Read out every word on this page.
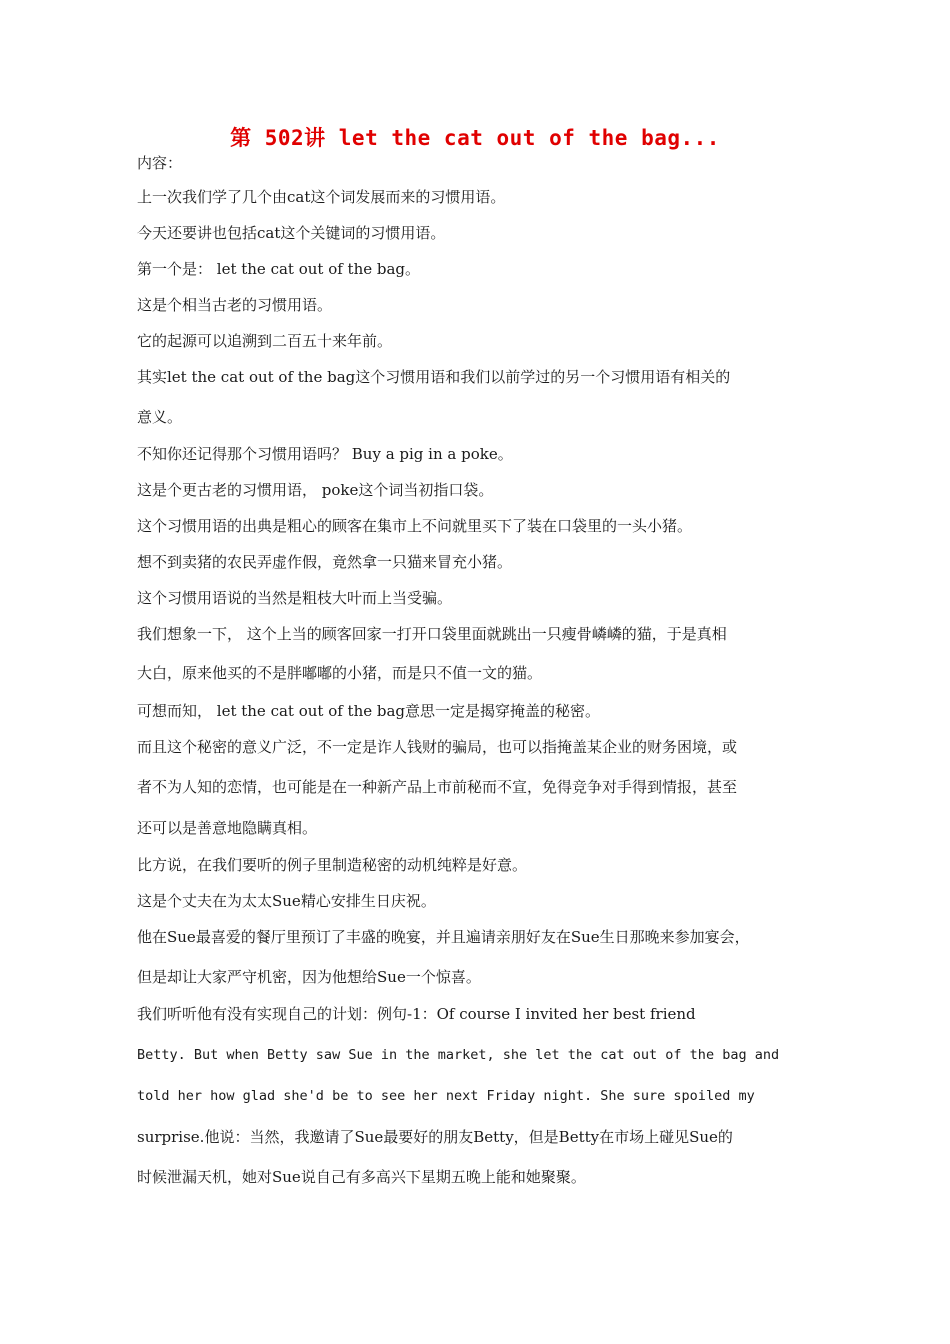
第 502讲 let the cat out of the bag...
内容：
上一次我们学了几个由cat这个词发展而来的习惯用语。
今天还要讲也包括cat这个关键词的习惯用语。
第一个是： let the cat out of the bag。
这是个相当古老的习惯用语。
它的起源可以追溯到二百五十来年前。
其实let the cat out of the bag这个习惯用语和我们以前学过的另一个习惯用语有相关的
意义。
不知你还记得那个习惯用语吗？ Buy a pig in a poke。
这是个更古老的习惯用语， poke这个词当初指口袋。
这个习惯用语的出典是粗心的顾客在集市上不问就里买下了装在口袋里的一头小猪。
想不到卖猪的农民弄虚作假，竟然拿一只猫来冒充小猪。
这个习惯用语说的当然是粗枝大叶而上当受骗。
我们想象一下， 这个上当的顾客回家一打开口袋里面就跳出一只瘦骨嶙嶙的猫，于是真相
大白，原来他买的不是胖嘟嘟的小猪，而是只不值一文的猫。
可想而知， let the cat out of the bag意思一定是揭穿掩盖的秘密。
而且这个秘密的意义广泛，不一定是诈人钱财的骗局，也可以指掩盖某企业的财务困境，或
者不为人知的恋情，也可能是在一种新产品上市前秘而不宣，免得竞争对手得到情报，甚至
还可以是善意地隐瞒真相。
比方说，在我们要听的例子里制造秘密的动机纯粹是好意。
这是个丈夫在为太太Sue精心安排生日庆祝。
他在Sue最喜爱的餐厅里预订了丰盛的晚宴，并且遍请亲朋好友在Sue生日那晚来参加宴会，
但是却让大家严守机密，因为他想给Sue一个惊喜。
我们听听他有没有实现自己的计划：例句-1：Of course I invited her best friend
Betty. But when Betty saw Sue in the market, she let the cat out of the bag and
told her how glad she'd be to see her next Friday night. She sure spoiled my
surprise.他说：当然，我邀请了Sue最要好的朋友Betty，但是Betty在市场上碰见Sue的
时候泄漏天机，她对Sue说自己有多高兴下星期五晚上能和她聚聚。
